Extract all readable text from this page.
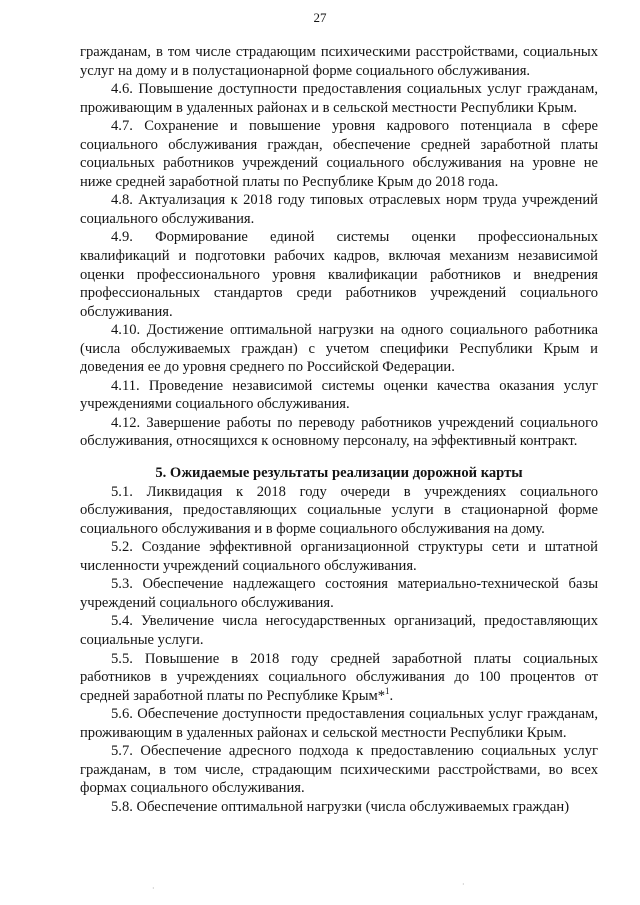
27

гражданам, в том числе страдающим психическими расстройствами, социальных услуг на дому и в полустационарной форме социального обслуживания.

4.6. Повышение доступности предоставления социальных услуг гражданам, проживающим в удаленных районах и в сельской местности Республики Крым.

4.7. Сохранение и повышение уровня кадрового потенциала в сфере социального обслуживания граждан, обеспечение средней заработной платы социальных работников учреждений социального обслуживания на уровне не ниже средней заработной платы по Республике Крым до 2018 года.

4.8. Актуализация к 2018 году типовых отраслевых норм труда учреждений социального обслуживания.

4.9. Формирование единой системы оценки профессиональных квалификаций и подготовки рабочих кадров, включая механизм независимой оценки профессионального уровня квалификации работников и внедрения профессиональных стандартов среди работников учреждений социального обслуживания.

4.10. Достижение оптимальной нагрузки на одного социального работника (числа обслуживаемых граждан) с учетом специфики Республики Крым и доведения ее до уровня среднего по Российской Федерации.

4.11. Проведение независимой системы оценки качества оказания услуг учреждениями социального обслуживания.

4.12. Завершение работы по переводу работников учреждений социального обслуживания, относящихся к основному персоналу, на эффективный контракт.

5. Ожидаемые результаты реализации дорожной карты

5.1. Ликвидация к 2018 году очереди в учреждениях социального обслуживания, предоставляющих социальные услуги в стационарной форме социального обслуживания и в форме социального обслуживания на дому.

5.2. Создание эффективной организационной структуры сети и штатной численности учреждений социального обслуживания.

5.3. Обеспечение надлежащего состояния материально-технической базы учреждений социального обслуживания.

5.4. Увеличение числа негосударственных организаций, предоставляющих социальные услуги.

5.5. Повышение в 2018 году средней заработной платы социальных работников в учреждениях социального обслуживания до 100 процентов от средней заработной платы по Республике Крым*$^1$.

5.6. Обеспечение доступности предоставления социальных услуг гражданам, проживающим в удаленных районах и сельской местности Республики Крым.

5.7. Обеспечение адресного подхода к предоставлению социальных услуг гражданам, в том числе, страдающим психическими расстройствами, во всех формах социального обслуживания.

5.8. Обеспечение оптимальной нагрузки (числа обслуживаемых граждан)

·	·
